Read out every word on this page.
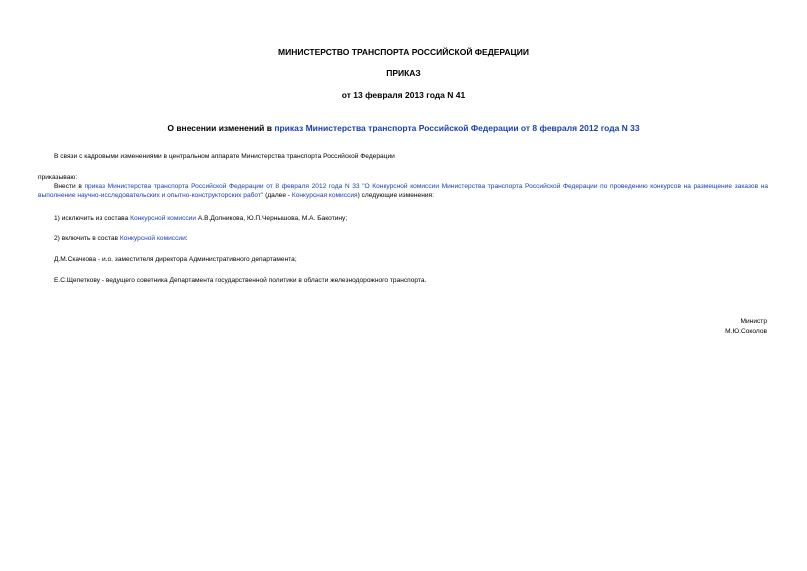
МИНИСТЕРСТВО ТРАНСПОРТА РОССИЙСКОЙ ФЕДЕРАЦИИ
ПРИКАЗ
от 13 февраля 2013 года N 41
О внесении изменений в приказ Министерства транспорта Российской Федерации от 8 февраля 2012 года N 33
В связи с кадровыми изменениями в центральном аппарате Министерства транспорта Российской Федерации
приказываю:
Внести в приказ Министерства транспорта Российской Федерации от 8 февраля 2012 года N 33 "О Конкурсной комиссии Министерства транспорта Российской Федерации по проведению конкурсов на размещение заказов на выполнение научно-исследовательских и опытно-конструкторских работ" (далее - Конкурсная комиссия) следующие изменения:
1) исключить из состава Конкурсной комиссии А.В.Долникова, Ю.П.Чернышова, М.А. Бакотину;
2) включить в состав Конкурсной комиссии:
Д.М.Скачкова - и.о. заместителя директора Административного департамента;
Е.С.Щепеткову - ведущего советника Департамента государственной политики в области железнодорожного транспорта.
Министр
М.Ю.Соколов
